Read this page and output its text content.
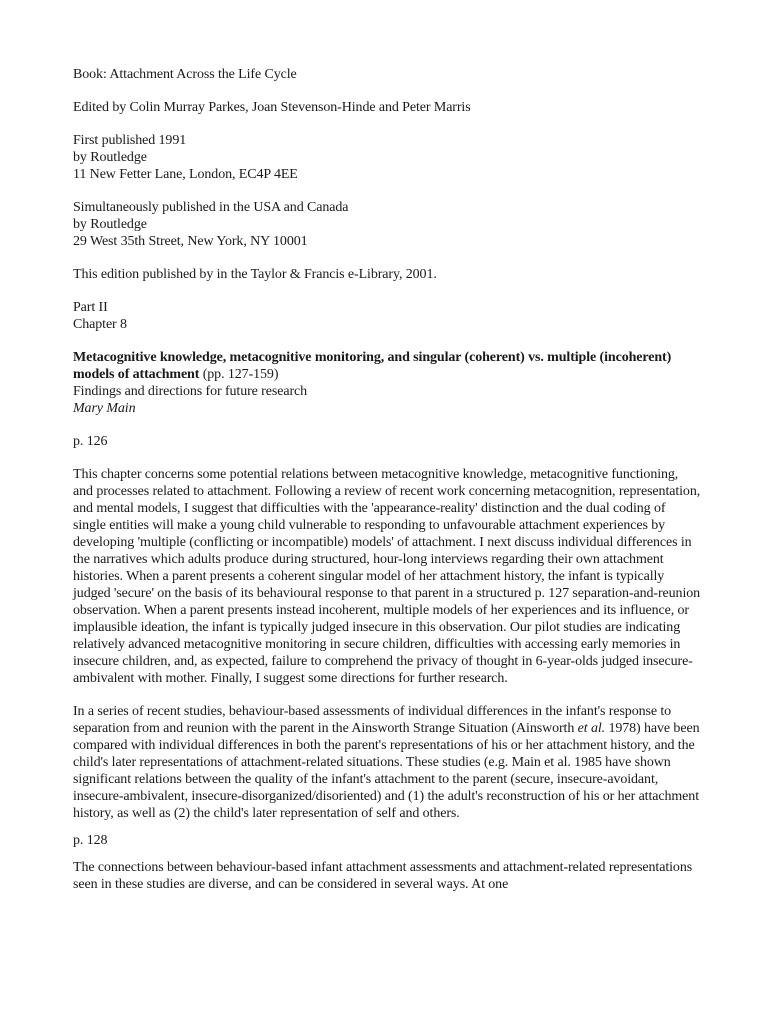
Book: Attachment Across the Life Cycle

Edited by Colin Murray Parkes, Joan Stevenson-Hinde and Peter Marris

First published 1991
by Routledge
11 New Fetter Lane, London, EC4P 4EE

Simultaneously published in the USA and Canada
by Routledge
29 West 35th Street, New York, NY 10001

This edition published by in the Taylor & Francis e-Library, 2001.

Part II
Chapter 8

Metacognitive knowledge, metacognitive monitoring, and singular (coherent) vs. multiple (incoherent) models of attachment (pp. 127-159)
Findings and directions for future research
Mary Main

p. 126

This chapter concerns some potential relations between metacognitive knowledge, metacognitive functioning, and processes related to attachment. Following a review of recent work concerning metacognition, representation, and mental models, I suggest that difficulties with the 'appearance-reality' distinction and the dual coding of single entities will make a young child vulnerable to responding to unfavourable attachment experiences by developing 'multiple (conflicting or incompatible) models' of attachment. I next discuss individual differences in the narratives which adults produce during structured, hour-long interviews regarding their own attachment histories. When a parent presents a coherent singular model of her attachment history, the infant is typically judged 'secure' on the basis of its behavioural response to that parent in a structured p. 127 separation-and-reunion observation. When a parent presents instead incoherent, multiple models of her experiences and its influence, or implausible ideation, the infant is typically judged insecure in this observation. Our pilot studies are indicating relatively advanced metacognitive monitoring in secure children, difficulties with accessing early memories in insecure children, and, as expected, failure to comprehend the privacy of thought in 6-year-olds judged insecure-ambivalent with mother. Finally, I suggest some directions for further research.

In a series of recent studies, behaviour-based assessments of individual differences in the infant's response to separation from and reunion with the parent in the Ainsworth Strange Situation (Ainsworth et al. 1978) have been compared with individual differences in both the parent's representations of his or her attachment history, and the child's later representations of attachment-related situations. These studies (e.g. Main et al. 1985 have shown significant relations between the quality of the infant's attachment to the parent (secure, insecure-avoidant, insecure-ambivalent, insecure-disorganized/disoriented) and (1) the adult's reconstruction of his or her attachment history, as well as (2) the child's later representation of self and others.

p. 128

The connections between behaviour-based infant attachment assessments and attachment-related representations seen in these studies are diverse, and can be considered in several ways. At one
